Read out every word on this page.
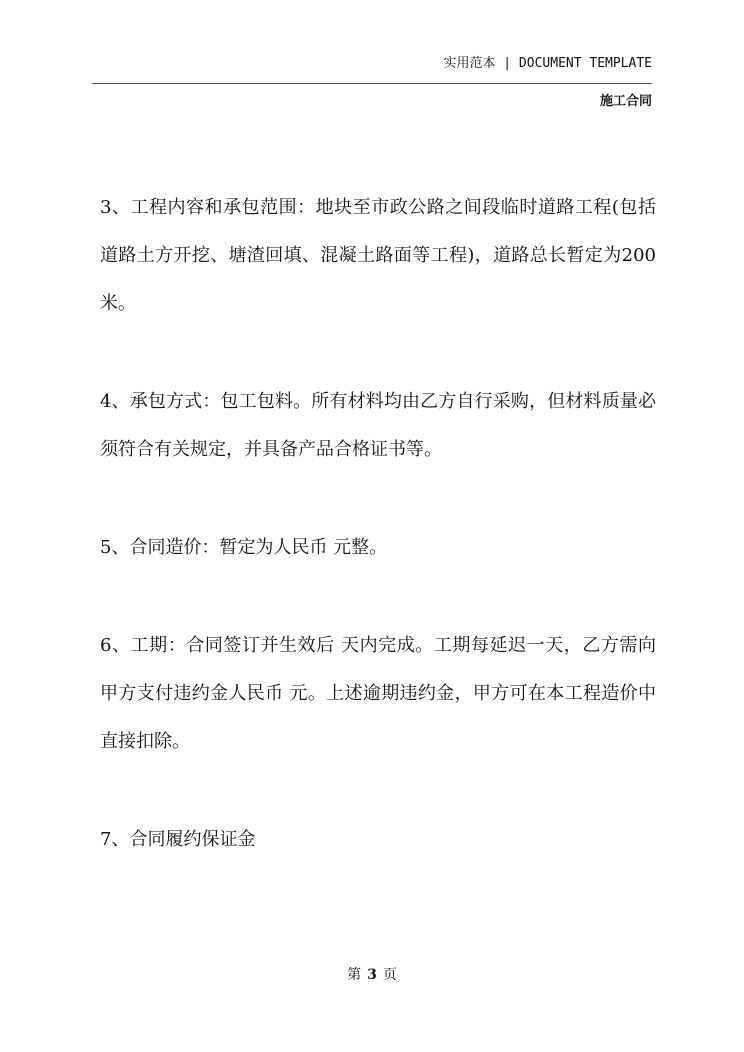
实用范本 | DOCUMENT TEMPLATE
施工合同

3、工程内容和承包范围：地块至市政公路之间段临时道路工程(包括道路土方开挖、塘渣回填、混凝土路面等工程)，道路总长暂定为200米。

4、承包方式：包工包料。所有材料均由乙方自行采购，但材料质量必须符合有关规定，并具备产品合格证书等。

5、合同造价：暂定为人民币 元整。

6、工期：合同签订并生效后 天内完成。工期每延迟一天，乙方需向甲方支付违约金人民币 元。上述逾期违约金，甲方可在本工程造价中直接扣除。

7、合同履约保证金

第 3 页
